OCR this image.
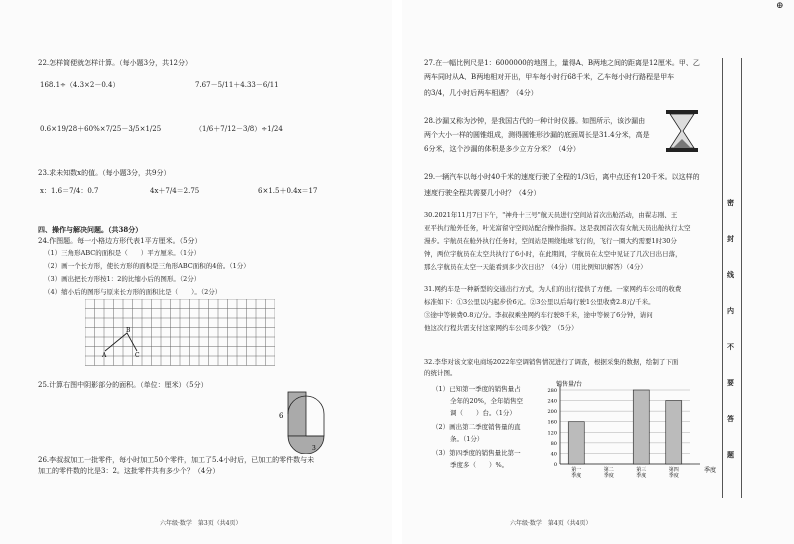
22.怎样简便就怎样计算。（每小题3分，共12分）
168.1÷（4.3×2－0.4）	7.67－5/11＋4.33－6/11
0.6×19/28＋60%×7/25－3/5×1/25	（1/6＋7/12－3/8）÷1/24
23.求未知数x的值。（每小题3分，共9分）
x：1.6＝7/4：0.7	4x＋7/4＝2.75	6×1.5＋0.4x＝17
四、操作与解决问题。（共38分）
24.作图题。每一小格边方形代表1平方厘米。（5分）
（1）三角形ABC的面积是（　　）平方厘米。（1分）
（2）画一个长方形，使长方形的面积是三角形ABC面积的4倍。（1分）
（3）画出把长方形按1：2的比缩小后的图形。（2分）
（4）缩小后的图形与原来长方形的面积比是（　　）。（2分）
A
B
C
25.计算右图中阴影部分的面积。（单位：厘米）（5分）
6
3
26.李叔叔加工一批零件，每小时加工50个零件，加工了5.4小时后，已加工的零件数与未
加工的零件数的比是3：2。这批零件共有多少个？（4分）
六年级·数学　第3页（共4页）
27.在一幅比例尺是1：6000000的地图上，量得A、B两地之间的距离是12厘米。甲、乙
两车同时从A、B两地相对开出，甲车每小时行68千米，乙车每小时行路程是甲车
的3/4，几小时后两车相遇？（4分）
28.沙漏又称为沙钟，是我国古代的一种计时仪器。如图所示，该沙漏由
两个大小一样的圆锥组成，测得圆锥形沙漏的底面周长是31.4分米，高是
6分米，这个沙漏的体积是多少立方分米？（4分）
29.一辆汽车以每小时40千米的速度行驶了全程的1/3后，离中点还有120千米。以这样的
速度行驶全程共需要几小时？（4分）
30.2021年11月7日下午，"神舟十三号"航天员进行空间站首次出舱活动，由翟志刚、王
亚平执行舱外任务，叶光富留守空间站配合操作指挥。这是我国首次有女航天员出舱执行太空
漫步。宇航员在舱外执行任务时，空间站是围绕地球飞行的，飞行一圈大约需要1时30分
钟，两位宇航员在太空共执行了6小时，在此期间，宇航员在太空中见证了几次日出日落，
那么宇航员在太空一天能看到多少次日出？（4分）（用比例知识解答）（4分）
31.网约车是一种新型的交通出行方式，为人们的出行提供了方便。一家网约车公司的收费
标准如下：①3公里以内起步价6元。②3公里以后每行驶1公里收费2.8元/千米。
③途中等候费0.8元/分。李叔叔乘坐网约车行驶8千米，途中等候了6分钟，请问
他这次行程共需支付这家网约车公司多少钱？（5分）
32.李华对该文家电商场2022年空调销售情况进行了调查，根据采集的数据，绘制了下面
的统计图。
（1）已知第一季度的销售量占
全年的20%，全年销售空
调（　　）台。（1分）
（2）画出第二季度销售量的直
条。（1分）
（3）第四季度的销售量比第一
季度多（　　）%。
销售量/台
0
40
80
120
160
200
240
280
第一
季度
第二
季度
第三
季度
第四
季度
季度
六年级·数学　第4页（共4页）
密
封
线
内
不
要
答
题
⊕
